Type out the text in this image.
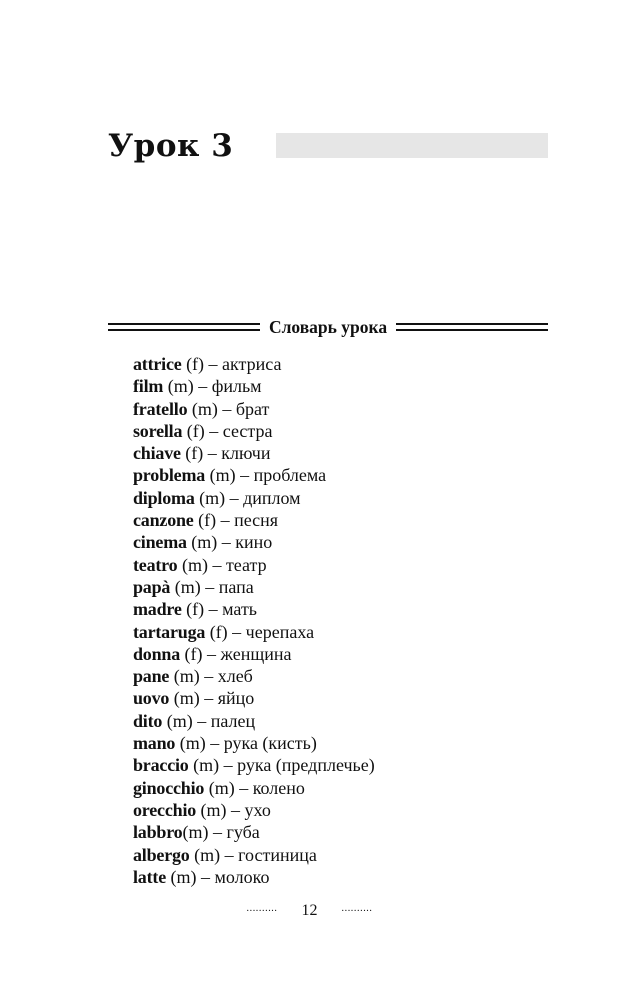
Урок 3
Словарь урока
attrice (f) – актриса
film (m) – фильм
fratello (m) – брат
sorella (f) – сестра
chiave (f) – ключи
problema (m) – проблема
diploma (m) – диплом
canzone (f) – песня
cinema (m) – кино
teatro (m) – театр
papà (m) – папа
madre (f) – мать
tartaruga (f) – черепаха
donna (f) – женщина
pane (m) – хлеб
uovo (m) – яйцо
dito (m) – палец
mano (m) – рука (кисть)
braccio (m) – рука (предплечье)
ginocchio (m) – колено
orecchio (m) – ухо
labbro(m) – губа
albergo (m) – гостиница
latte (m) – молоко
.......... 12 ..........
